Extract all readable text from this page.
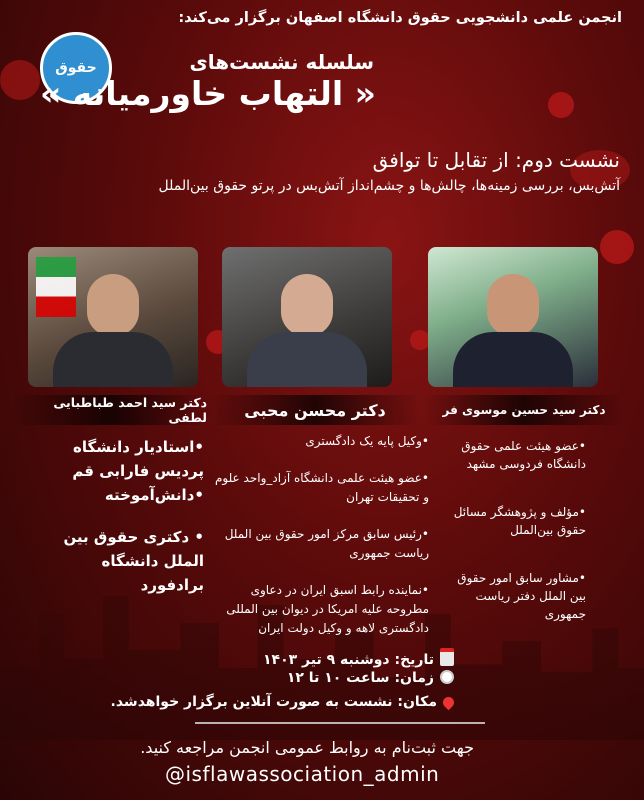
انجمن علمی دانشجویی حقوق دانشگاه اصفهان برگزار می‌کند:
حقوق	سلسله نشست‌های
« التهاب خاورمیانه »
نشست دوم: از تقابل تا توافق
آتش‌بس، بررسی زمینه‌ها، چالش‌ها و چشم‌انداز آتش‌بس در پرتو حقوق بین‌الملل
دکتر سید احمد طباطبایی لطفی	دکتر محسن محبی	دکتر سید حسین موسوی فر
•استادیار دانشگاه پردیس فارابی قم •دانش‌آموخته
• دکتری حقوق بین الملل دانشگاه برادفورد
•وکیل پایه یک دادگستری
•عضو هیئت علمی دانشگاه آزاد_واحد علوم و تحقیقات تهران
•رئیس سابق مرکز امور حقوق بین الملل ریاست جمهوری
•نماینده رابط اسبق ایران در دعاوی مطروحه علیه امریکا در دیوان بین المللی دادگستری لاهه و وکیل دولت ایران
•عضو هیئت علمی حقوق دانشگاه فردوسی مشهد
•مؤلف و پژوهشگر مسائل حقوق بین‌الملل
•مشاور سابق امور حقوق بین الملل دفتر ریاست جمهوری
تاریخ: دوشنبه ۹ تیر ۱۴۰۳
زمان: ساعت ۱۰ تا ۱۲
مکان: نشست به صورت آنلاین برگزار خواهدشد.
جهت ثبت‌نام به روابط عمومی انجمن مراجعه کنید.
@isflawassociation_admin
